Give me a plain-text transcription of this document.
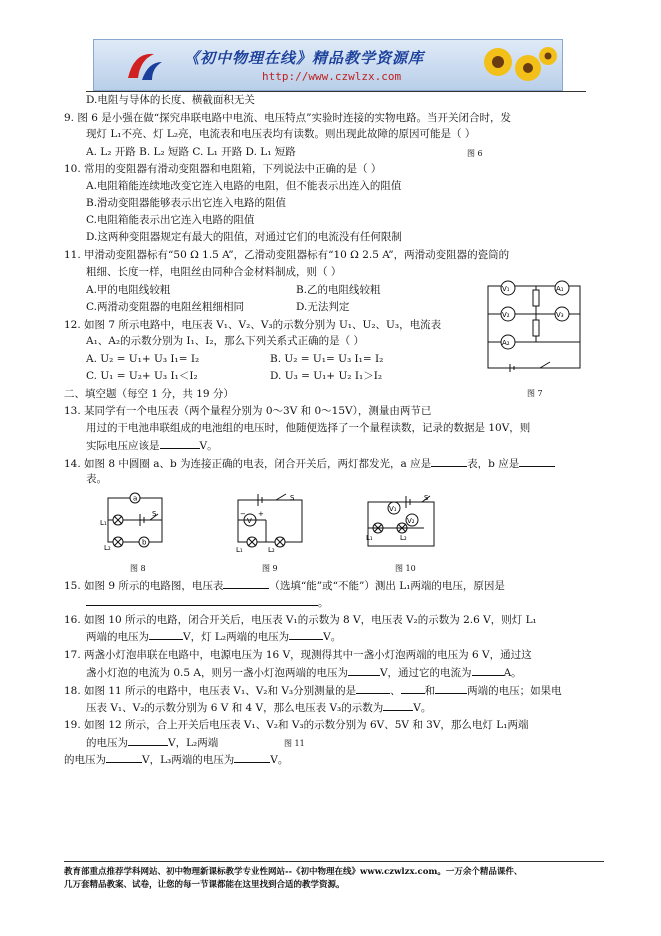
《初中物理在线》精品教学资源库
http://www.czwlzx.com
D.电阻与导体的长度、横截面积无关
9. 图 6 是小强在做“探究串联电路中电流、电压特点”实验时连接的实物电路。当开关闭合时，发
现灯 L₁不亮、灯 L₂亮，电流表和电压表均有读数。则出现此故障的原因可能是（ ）
A. L₂ 开路 B. L₂ 短路 C. L₁ 开路 D. L₁ 短路	图 6
10. 常用的变阻器有滑动变阻器和电阻箱，下列说法中正确的是（ ）
A.电阻箱能连续地改变它连入电路的电阻，但不能表示出连入的阻值
B.滑动变阻器能够表示出它连入电路的阻值
C.电阻箱能表示出它连入电路的阻值
D.这两种变阻器规定有最大的阻值，对通过它们的电流没有任何限制
11. 甲滑动变阻器标有“50 Ω 1.5 A”，乙滑动变阻器标有“10 Ω 2.5 A”，两滑动变阻器的瓷筒的
粗细、长度一样，电阻丝由同种合金材料制成，则（ ）
A.甲的电阻线较粗	B.乙的电阻线较粗
C.两滑动变阻器的电阻丝粗细相同	D.无法判定
12. 如图 7 所示电路中，电压表 V₁、V₂、V₃的示数分别为 U₁、U₂、U₃，电流表
A₁、A₂的示数分别为 I₁、I₂，那么下列关系式正确的是（ ）
A. U₂ = U₁+ U₃ I₁= I₂	B. U₂ = U₁= U₃ I₁= I₂
C. U₁ = U₂+ U₃ I₁＜I₂	D. U₃ = U₁+ U₂ I₁＞I₂
图 7
V₁	A₁
V₂	V₃
A₂
二、填空题（每空 1 分，共 19 分）
13. 某同学有一个电压表（两个量程分别为 0～3V 和 0～15V），测量由两节已
用过的干电池串联组成的电池组的电压时，他随便选择了一个量程读数，记录的数据是 10V，则
实际电压应该是	V。
14. 如图 8 中圆圈 a、b 为连接正确的电表，闭合开关后，两灯都发光，a 应是	表，b 应是
表。
a
b
L₁
L₂
S
图 8
V
− +
S
L₁	L₂
图 9
V₁
V₂
S
L₁	L₂
图 10
15. 如图 9 所示的电路图，电压表	（选填“能”或“不能”）测出 L₁两端的电压，原因是
。
16. 如图 10 所示的电路，闭合开关后，电压表 V₁的示数为 8 V，电压表 V₂的示数为 2.6 V，则灯 L₁
两端的电压为	V，灯 L₂两端的电压为	V。
17. 两盏小灯泡串联在电路中，电源电压为 16 V，现测得其中一盏小灯泡两端的电压为 6 V，通过这
盏小灯泡的电流为 0.5 A，则另一盏小灯泡两端的电压为	V，通过它的电流为	A。
18. 如图 11 所示的电路中，电压表 V₁、V₂和 V₃分别测量的是	、 和	两端的电压；如果电
压表 V₁、V₂的示数分别为 6 V 和 4 V，那么电压表 V₃的示数为	V。
19. 如图 12 所示，合上开关后电压表 V₁、V₂和 V₃的示数分别为 6V、5V 和 3V，那么电灯 L₁两端
的电压为	V，L₂两端	图 11
的电压为	V，L₃两端的电压为	V。
教育部重点推荐学科网站、初中物理新课标教学专业性网站--《初中物理在线》www.czwlzx.com。一万余个精品课件、
几万套精品教案、试卷，让您的每一节课都能在这里找到合适的教学资源。
